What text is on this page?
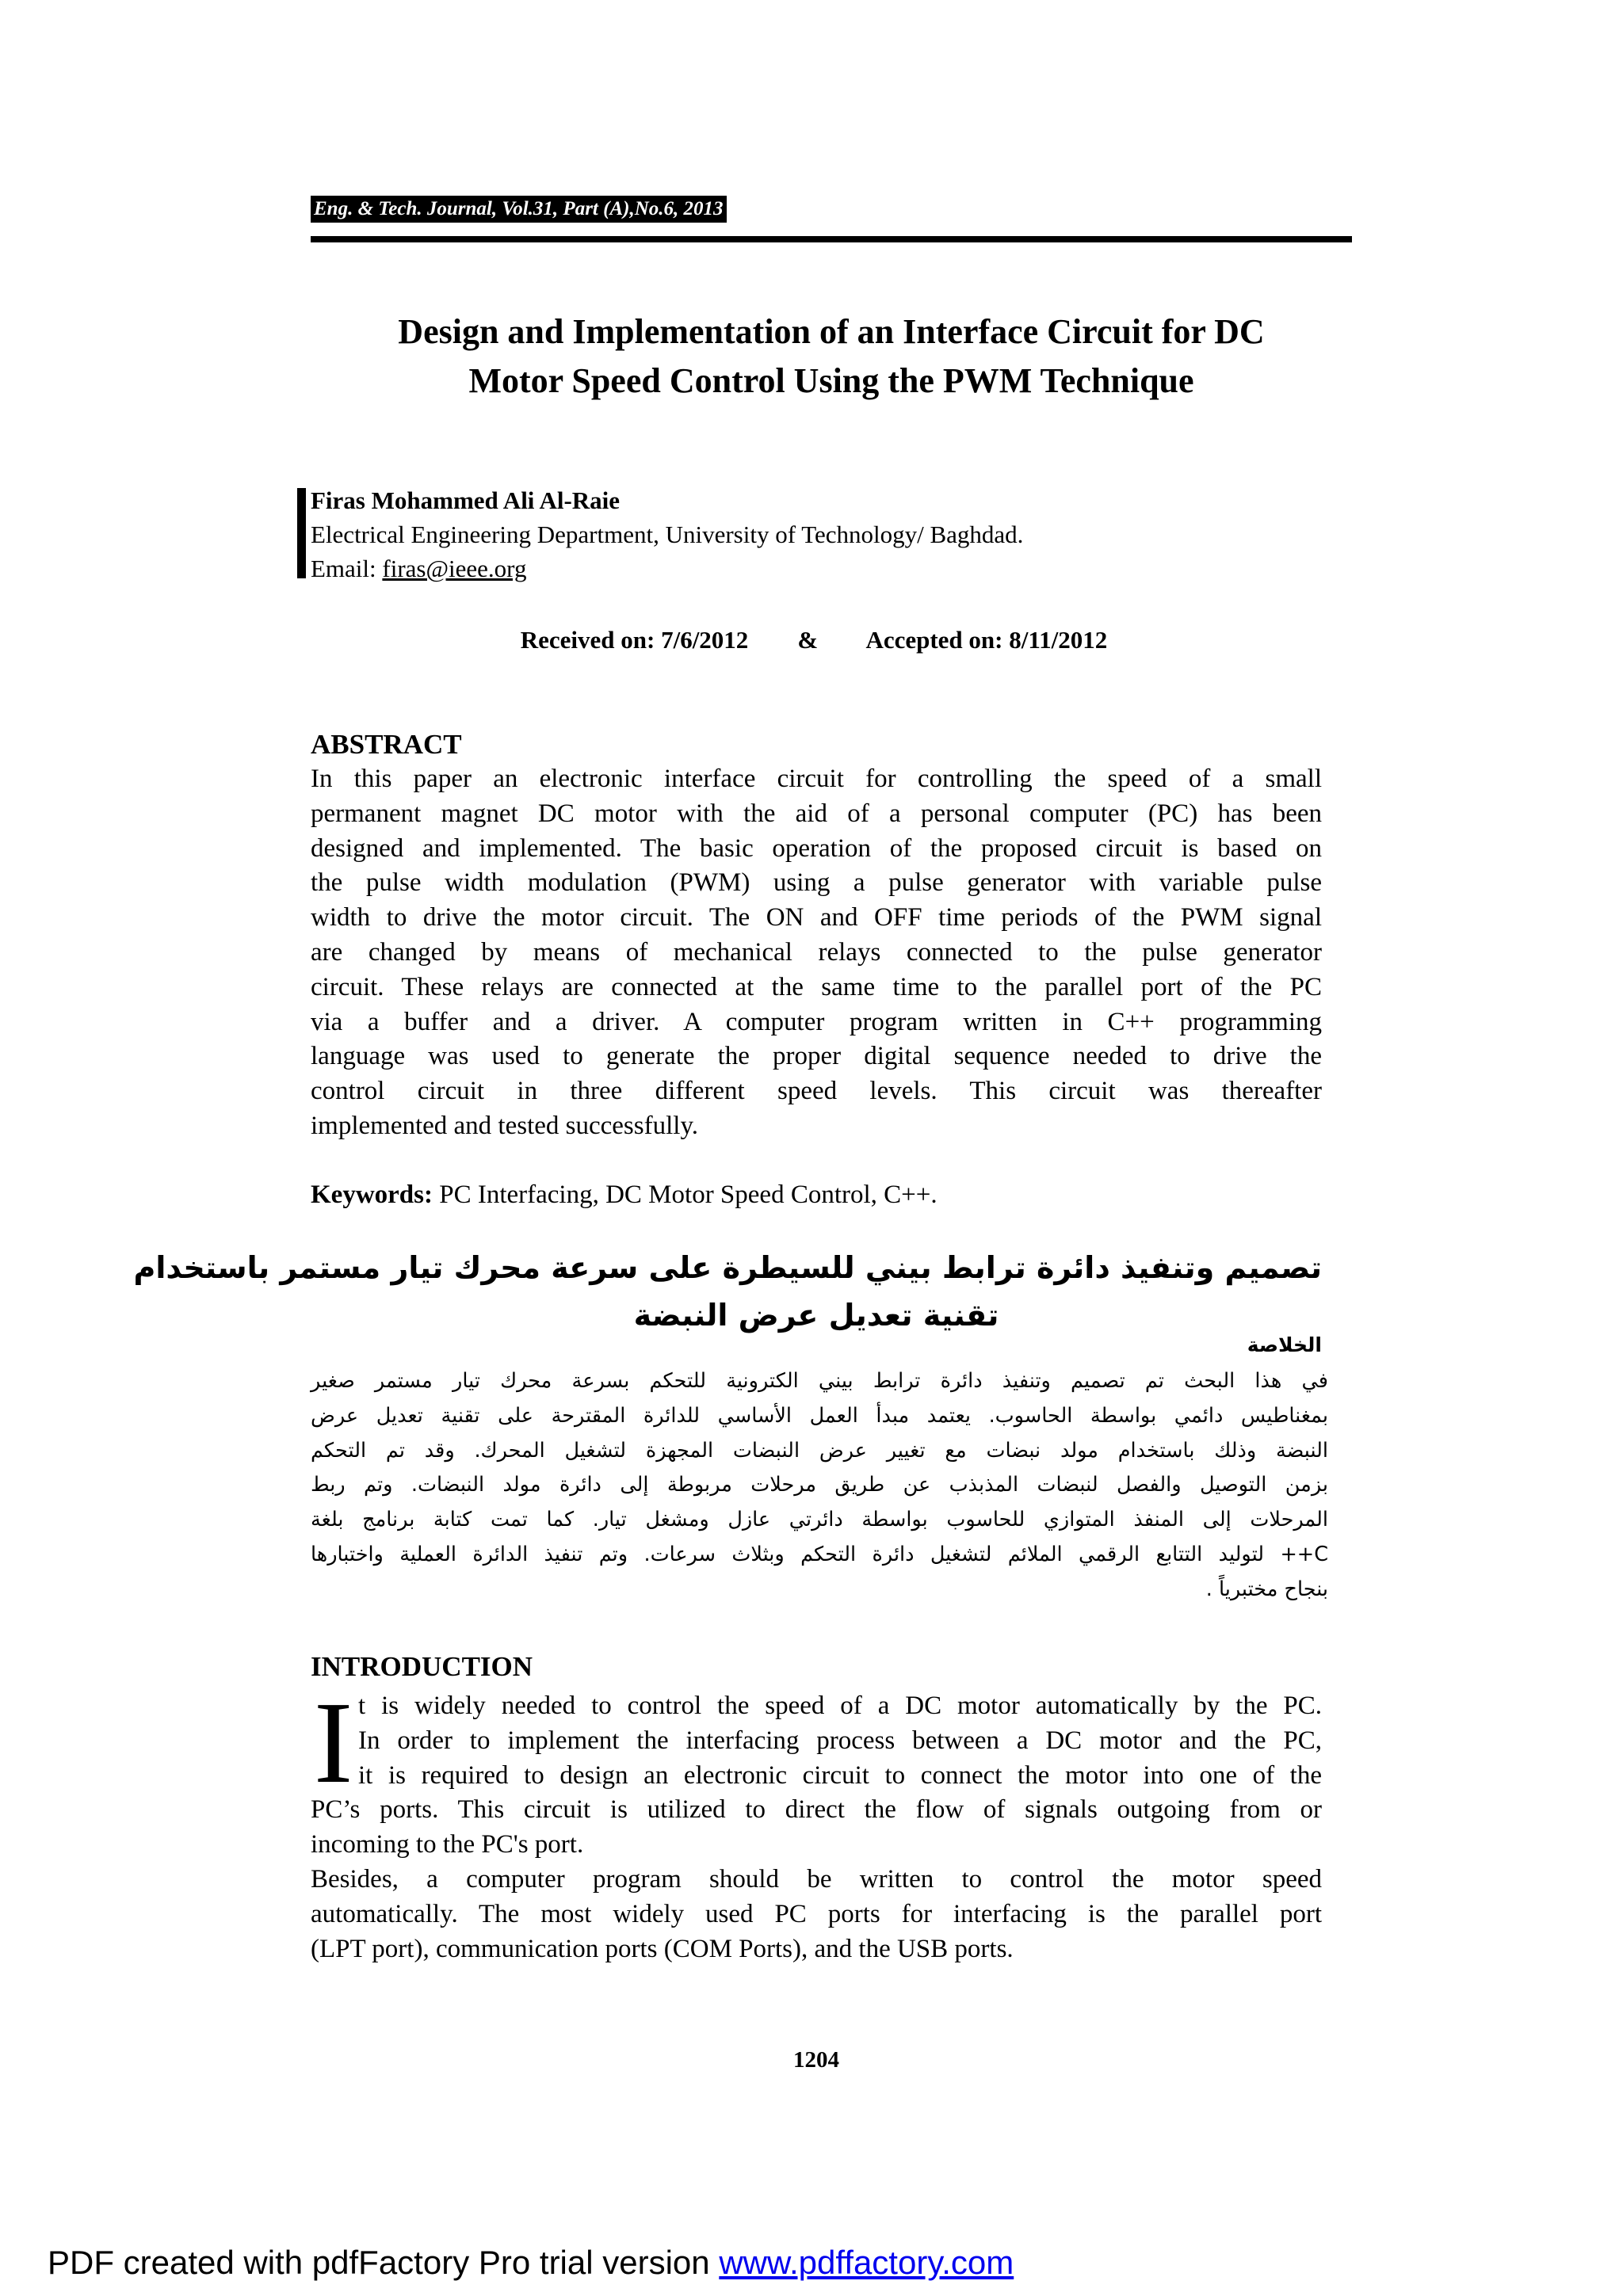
Eng. & Tech. Journal, Vol.31, Part (A),No.6, 2013
Design and Implementation of an Interface Circuit for DC
Motor Speed Control Using the PWM Technique
Firas Mohammed Ali Al-Raie
Electrical Engineering Department, University of Technology/ Baghdad.
Email: firas@ieee.org
Received on: 7/6/2012 & Accepted on: 8/11/2012
ABSTRACT
In this paper an electronic interface circuit for controlling the speed of a small
permanent magnet DC motor with the aid of a personal computer (PC) has been
designed and implemented. The basic operation of the proposed circuit is based on
the pulse width modulation (PWM) using a pulse generator with variable pulse
width to drive the motor circuit. The ON and OFF time periods of the PWM signal
are changed by means of mechanical relays connected to the pulse generator
circuit. These relays are connected at the same time to the parallel port of the PC
via a buffer and a driver. A computer program written in C++ programming
language was used to generate the proper digital sequence needed to drive the
control circuit in three different speed levels. This circuit was thereafter
implemented and tested successfully.
Keywords: PC Interfacing, DC Motor Speed Control, C++.
تصميم وتنفيذ دائرة ترابط بيني للسيطرة على سرعة محرك تيار مستمر باستخدام
تقنية تعديل عرض النبضة
الخلاصة
في هذا البحث تم تصميم وتنفيذ دائرة ترابط بيني الكترونية للتحكم بسرعة محرك تيار مستمر صغير
بمغناطيس دائمي بواسطة الحاسوب. يعتمد مبدأ العمل الأساسي للدائرة المقترحة على تقنية تعديل عرض
النبضة وذلك باستخدام مولد نبضات مع تغيير عرض النبضات المجهزة لتشغيل المحرك. وقد تم التحكم
بزمن التوصيل والفصل لنبضات المذبذب عن طريق مرحلات مربوطة إلى دائرة مولد النبضات. وتم ربط
المرحلات إلى المنفذ المتوازي للحاسوب بواسطة دائرتي عازل ومشغل تيار. كما تمت كتابة برنامج بلغة
C++ لتوليد التتابع الرقمي الملائم لتشغيل دائرة التحكم وبثلاث سرعات. وتم تنفيذ الدائرة العملية واختبارها
بنجاح مختبرياً .
INTRODUCTION
I t is widely needed to control the speed of a DC motor automatically by the PC.
In order to implement the interfacing process between a DC motor and the PC,
it is required to design an electronic circuit to connect the motor into one of the
PC’s ports. This circuit is utilized to direct the flow of signals outgoing from or
incoming to the PC's port.
Besides, a computer program should be written to control the motor speed
automatically. The most widely used PC ports for interfacing is the parallel port
(LPT port), communication ports (COM Ports), and the USB ports.
1204
PDF created with pdfFactory Pro trial version www.pdffactory.com
